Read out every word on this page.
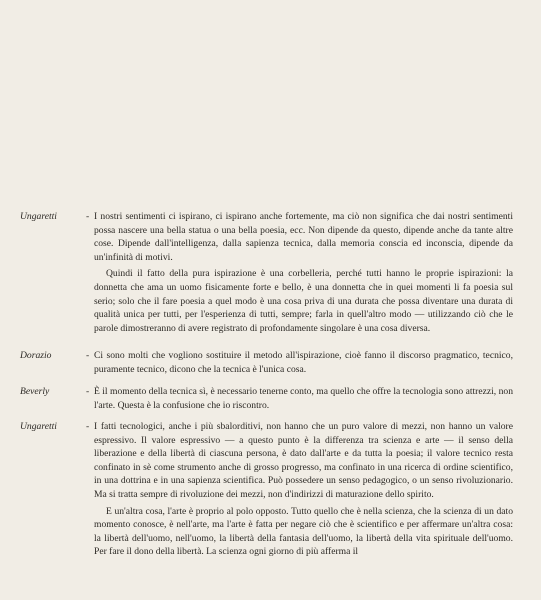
Ungaretti	- I nostri sentimenti ci ispirano, ci ispirano anche fortemente, ma ciò non significa che dai nostri sentimenti possa nascere una bella statua o una bella poesia, ecc. Non dipende da questo, dipende anche da tante altre cose. Dipende dall'intelligenza, dalla sapienza tecnica, dalla memoria conscia ed inconscia, dipende da un'infinità di motivi.

Quindi il fatto della pura ispirazione è una corbelleria, perché tutti hanno le proprie ispirazioni: la donnetta che ama un uomo fisicamente forte e bello, è una donnetta che in quei momenti li fa poesia sul serio; solo che il fare poesia a quel modo è una cosa priva di una durata che possa diventare una durata di qualità unica per tutti, per l'esperienza di tutti, sempre; farla in quell'altro modo — utilizzando ciò che le parole dimostreranno di avere registrato di profondamente singolare è una cosa diversa.

Dorazio	- Ci sono molti che vogliono sostituire il metodo all'ispirazione, cioè fanno il discorso pragmatico, tecnico, puramente tecnico, dicono che la tecnica è l'unica cosa.

Beverly	- È il momento della tecnica sì, è necessario tenerne conto, ma quello che offre la tecnologia sono attrezzi, non l'arte. Questa è la confusione che io riscontro.

Ungaretti	- I fatti tecnologici, anche i più sbalorditivi, non hanno che un puro valore di mezzi, non hanno un valore espressivo. Il valore espressivo — a questo punto è la differenza tra scienza e arte — il senso della liberazione e della libertà di ciascuna persona, è dato dall'arte e da tutta la poesia; il valore tecnico resta confinato in sè come strumento anche di grosso progresso, ma confinato in una ricerca di ordine scientifico, in una dottrina e in una sapienza scientifica. Può possedere un senso pedagogico, o un senso rivoluzionario. Ma si tratta sempre di rivoluzione dei mezzi, non d'indirizzi di maturazione dello spirito.

E un'altra cosa, l'arte è proprio al polo opposto. Tutto quello che è nella scienza, che la scienza di un dato momento conosce, è nell'arte, ma l'arte è fatta per negare ciò che è scientifico e per affermare un'altra cosa: la libertà dell'uomo, nell'uomo, la libertà della fantasia dell'uomo, la libertà della vita spirituale dell'uomo. Per fare il dono della libertà. La scienza ogni giorno di più afferma il
